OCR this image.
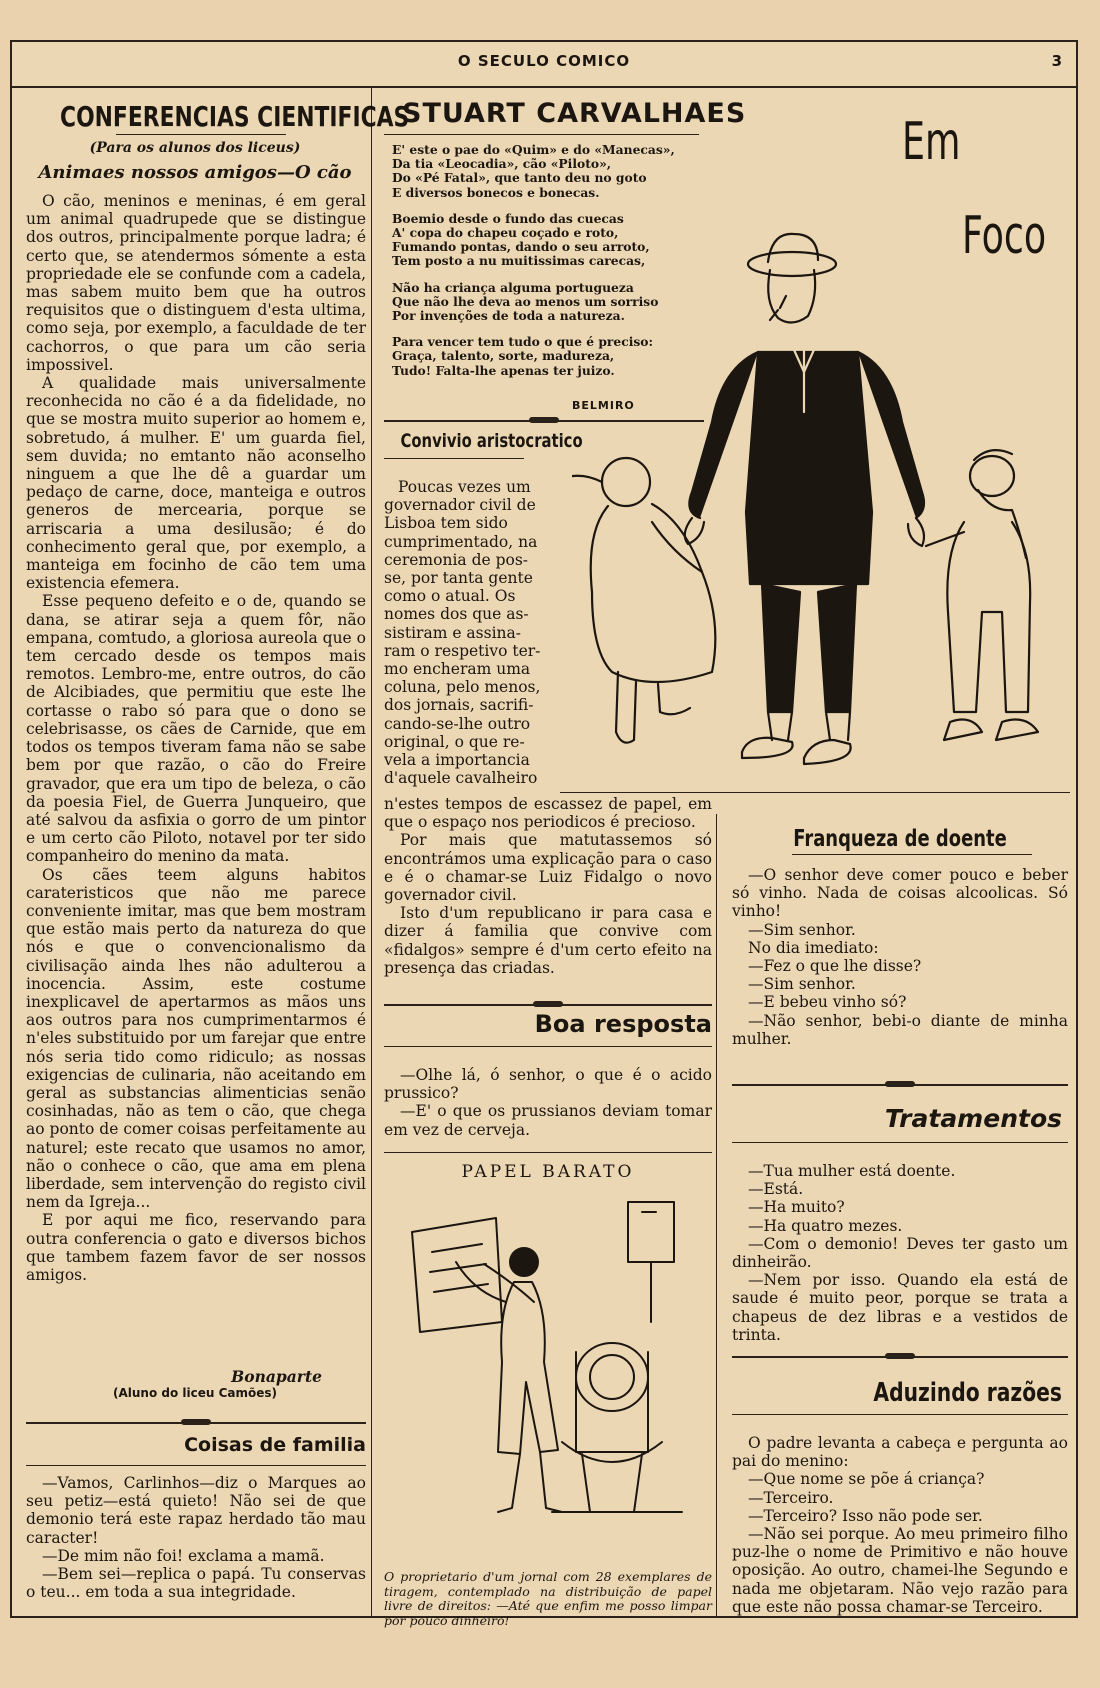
O SECULO COMICO	3
CONFERENCIAS CIENTIFICAS
(Para os alunos dos liceus)
Animaes nossos amigos—O cão

O cão, meninos e meninas, é em geral um animal quadrupede que se distingue dos outros, principalmente porque ladra; é certo que, se atendermos sómente a esta propriedade ele se confunde com a cadela, mas sabem muito bem que ha outros requisitos que o distinguem d'esta ultima, como seja, por exemplo, a faculdade de ter cachorros, o que para um cão seria impossivel.

A qualidade mais universalmente reconhecida no cão é a da fidelidade, no que se mostra muito superior ao homem e, sobretudo, á mulher. E' um guarda fiel, sem duvida; no emtanto não aconselho ninguem a que lhe dê a guardar um pedaço de carne, doce, manteiga e outros generos de mercearia, porque se arriscaria a uma desilusão; é do conhecimento geral que, por exemplo, a manteiga em focinho de cão tem uma existencia efemera.

Esse pequeno defeito e o de, quando se dana, se atirar seja a quem fôr, não empana, comtudo, a gloriosa aureola que o tem cercado desde os tempos mais remotos. Lembro-me, entre outros, do cão de Alcibiades, que permitiu que este lhe cortasse o rabo só para que o dono se celebrisasse, os cães de Carnide, que em todos os tempos tiveram fama não se sabe bem por que razão, o cão do Freire gravador, que era um tipo de beleza, o cão da poesia Fiel, de Guerra Junqueiro, que até salvou da asfixia o gorro de um pintor e um certo cão Piloto, notavel por ter sido companheiro do menino da mata.

Os cães teem alguns habitos carateristicos que não me parece conveniente imitar, mas que bem mostram que estão mais perto da natureza do que nós e que o convencionalismo da civilisação ainda lhes não adulterou a inocencia. Assim, este costume inexplicavel de apertarmos as mãos uns aos outros para nos cumprimentarmos é n'eles substituido por um farejar que entre nós seria tido como ridiculo; as nossas exigencias de culinaria, não aceitando em geral as substancias alimenticias senão cosinhadas, não as tem o cão, que chega ao ponto de comer coisas perfeitamente au naturel; este recato que usamos no amor, não o conhece o cão, que ama em plena liberdade, sem intervenção do registo civil nem da Igreja...

E por aqui me fico, reservando para outra conferencia o gato e diversos bichos que tambem fazem favor de ser nossos amigos.

Bonaparte
(Aluno do liceu Camões)
Coisas de familia

—Vamos, Carlinhos—diz o Marques ao seu petiz—está quieto! Não sei de que demonio terá este rapaz herdado tão mau caracter!

—De mim não foi! exclama a mamã.

—Bem sei—replica o papá. Tu conservas o teu... em toda a sua integridade.

STUART CARVALHAES
E' este o pae do «Quim» e do «Manecas»,
Da tia «Leocadia», cão «Piloto»,
Do «Pé Fatal», que tanto deu no goto
E diversos bonecos e bonecas.
Boemio desde o fundo das cuecas
A' copa do chapeu coçado e roto,
Fumando pontas, dando o seu arroto,
Tem posto a nu muitissimas carecas,
Não ha criança alguma portugueza
Que não lhe deva ao menos um sorriso
Por invenções de toda a natureza.
Para vencer tem tudo o que é preciso:
Graça, talento, sorte, madureza,
Tudo! Falta-lhe apenas ter juizo.
BELMIRO
Em
Foco
Convivio aristocratico
Poucas vezes um
governador civil de
Lisboa tem sido
cumprimentado, na
ceremonia de pos-
se, por tanta gente
como o atual. Os
nomes dos que as-
sistiram e assina-
ram o respetivo ter-
mo encheram uma
coluna, pelo menos,
dos jornais, sacrifi-
cando-se-lhe outro
original, o que re-
vela a importancia
d'aquele cavalheiro

n'estes tempos de escassez de papel, em que o espaço nos periodicos é precioso.

Por mais que matutassemos só encontrámos uma explicação para o caso e é o chamar-se Luiz Fidalgo o novo governador civil.

Isto d'um republicano ir para casa e dizer á familia que convive com «fidalgos» sempre é d'um certo efeito na presença das criadas.

Boa resposta

—Olhe lá, ó senhor, o que é o acido prussico?

—E' o que os prussianos deviam tomar em vez de cerveja.

PAPEL BARATO
O proprietario d'um jornal com 28 exemplares de tiragem, contemplado na distribuição de papel livre de direitos: —Até que enfim me posso limpar por pouco dinheiro!
Franqueza de doente

—O senhor deve comer pouco e beber só vinho. Nada de coisas alcoolicas. Só vinho!

—Sim senhor.

No dia imediato:

—Fez o que lhe disse?

—Sim senhor.

—E bebeu vinho só?

—Não senhor, bebi-o diante de minha mulher.

Tratamentos

—Tua mulher está doente.

—Está.

—Ha muito?

—Ha quatro mezes.

—Com o demonio! Deves ter gasto um dinheirão.

—Nem por isso. Quando ela está de saude é muito peor, porque se trata a chapeus de dez libras e a vestidos de trinta.

Aduzindo razões

O padre levanta a cabeça e pergunta ao pai do menino:

—Que nome se põe á criança?

—Terceiro.

—Terceiro? Isso não pode ser.

—Não sei porque. Ao meu primeiro filho puz-lhe o nome de Primitivo e não houve oposição. Ao outro, chamei-lhe Segundo e nada me objetaram. Não vejo razão para que este não possa chamar-se Terceiro.
